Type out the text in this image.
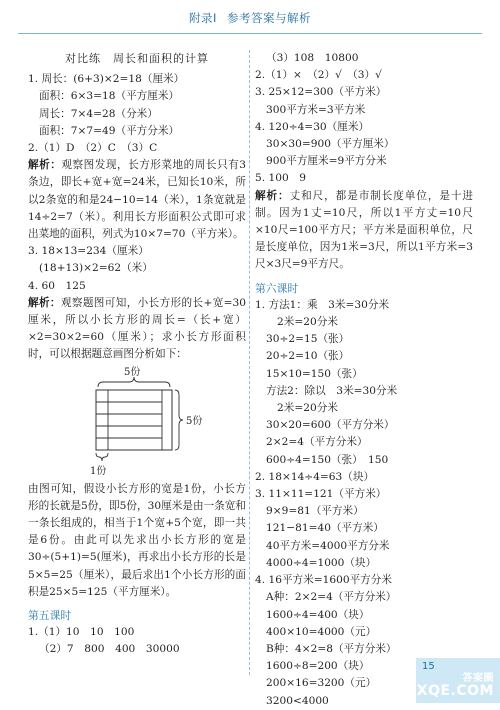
附录Ⅰ 参考答案与解析
对比练　周长和面积的计算
1. 周长：(6+3)×2=18（厘米）
面积：6×3=18（平方厘米）
周长：7×4=28（分米）
面积：7×7=49（平方分米）
2.（1）D　（2）C　（3）C
解析：观察图发现，长方形菜地的周长只有3条边，即长+宽+宽=24米，已知长10米，所以2条宽的和是24−10=14（米），1条宽就是14÷2=7（米）。利用长方形面积公式即可求出菜地的面积，列式为10×7=70（平方米）。
3. 18×13=234（厘米）
(18+13)×2=62（米）
4. 60　125
解析：观察题图可知，小长方形的长+宽=30厘米，所以小长方形的周长=（长+宽）×2=30×2=60（厘米）；求小长方形面积时，可以根据题意画图分析如下：
5份
5份
1份
由图可知，假设小长方形的宽是1份，小长方形的长就是5份，即5份，30厘米是由一条宽和一条长组成的，相当于1个宽+5个宽，即一共是6份。由此可以先求出小长方形的宽是30÷(5+1)=5(厘米)，再求出小长方形的长是5×5=25（厘米），最后求出1个小长方形的面积是25×5=125（平方厘米）。
第五课时
1.（1）10　10　100
（2）7　800　400　30000
（3）108　10800
2.（1）×　（2）√　（3）√
3. 25×12=300（平方米）
300平方米=3平方米
4. 120÷4=30（厘米）
30×30=900（平方厘米）
900平方厘米=9平方分米
5. 100　9
解析：丈和尺，都是市制长度单位，是十进制。因为1丈=10尺，所以1平方丈=10尺×10尺=100平方尺；平方米是面积单位，尺是长度单位，因为1米=3尺，所以1平方米=3尺×3尺=9平方尺。
第六课时
1. 方法1：乘　3米=30分米
2米=20分米
30÷2=15（张）
20÷2=10（张）
15×10=150（张）
方法2：除以　3米=30分米
2米=20分米
30×20=600（平方分米）
2×2=4（平方分米）
600÷4=150（张）　150
2. 18×14÷4=63（块）
3. 11×11=121（平方米）
9×9=81（平方米）
121−81=40（平方米）
40平方米=4000平方分米
4000÷4=1000（块）
4. 16平方米=1600平方分米
A种：2×2=4（平方分米）
1600÷4=400（块）
400×10=4000（元）
B种：4×2=8（平方分米）
1600÷8=200（块）
200×16=3200（元）
3200<4000
15
答案圈
MXQE.COM
